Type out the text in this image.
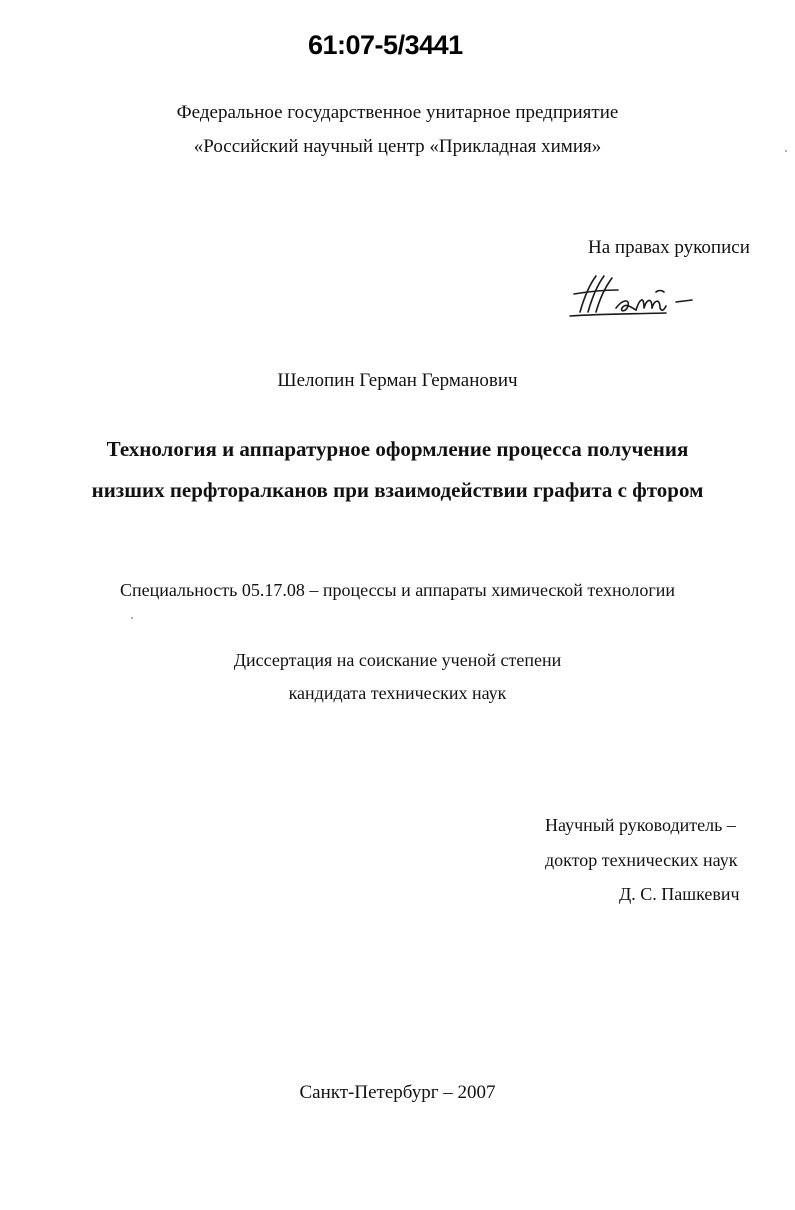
61:07-5/3441
Федеральное государственное унитарное предприятие
«Российский научный центр «Прикладная химия»
На правах рукописи
Шелопин Герман Германович
Технология и аппаратурное оформление процесса получения
низших перфторалканов при взаимодействии графита с фтором
Специальность 05.17.08 – процессы и аппараты химической технологии
Диссертация на соискание ученой степени
кандидата технических наук
Научный руководитель –
доктор технических наук
Д. С. Пашкевич
Санкт-Петербург – 2007
